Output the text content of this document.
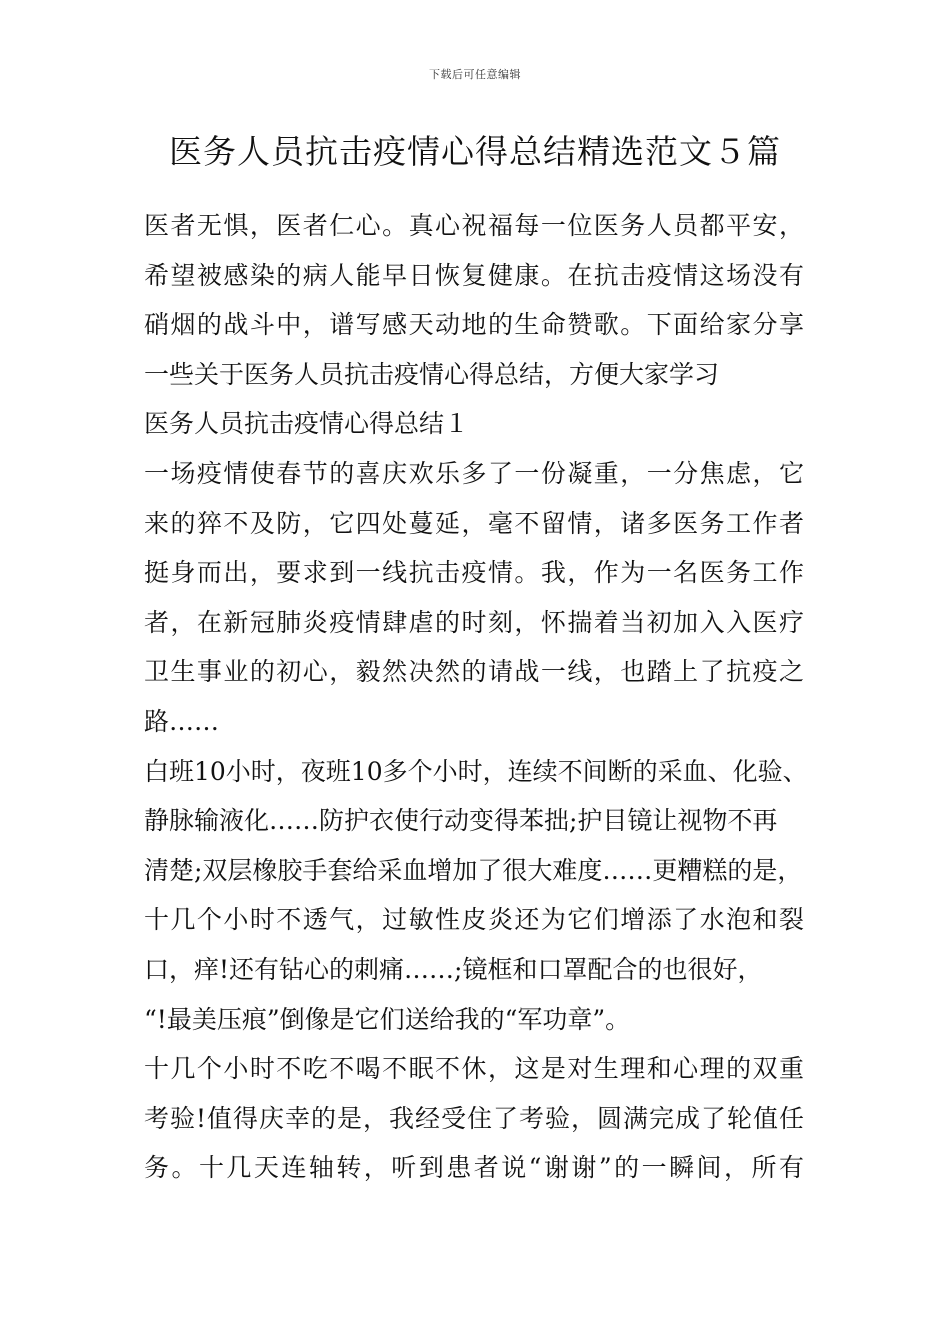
下载后可任意编辑
医务人员抗击疫情心得总结精选范文５篇
医者无惧，医者仁心。真心祝福每一位医务人员都平安，
希望被感染的病人能早日恢复健康。在抗击疫情这场没有
硝烟的战斗中，谱写感天动地的生命赞歌。下面给家分享
一些关于医务人员抗击疫情心得总结，方便大家学习
医务人员抗击疫情心得总结１
一场疫情使春节的喜庆欢乐多了一份凝重，一分焦虑，它
来的猝不及防，它四处蔓延，毫不留情，诸多医务工作者
挺身而出，要求到一线抗击疫情。我，作为一名医务工作
者，在新冠肺炎疫情肆虐的时刻，怀揣着当初加入入医疗
卫生事业的初心，毅然决然的请战一线，也踏上了抗疫之
路……
白班10小时，夜班10多个小时，连续不间断的采血、化验、
静脉输液化……防护衣使行动变得苯拙;护目镜让视物不再
清楚;双层橡胶手套给采血增加了很大难度……更糟糕的是，
十几个小时不透气，过敏性皮炎还为它们增添了水泡和裂
口，痒!还有钻心的刺痛……;镜框和口罩配合的也很好，
“!最美压痕”倒像是它们送给我的“军功章”。
十几个小时不吃不喝不眠不休，这是对生理和心理的双重
考验!值得庆幸的是，我经受住了考验，圆满完成了轮值任
务。十几天连轴转，听到患者说“谢谢”的一瞬间，所有
